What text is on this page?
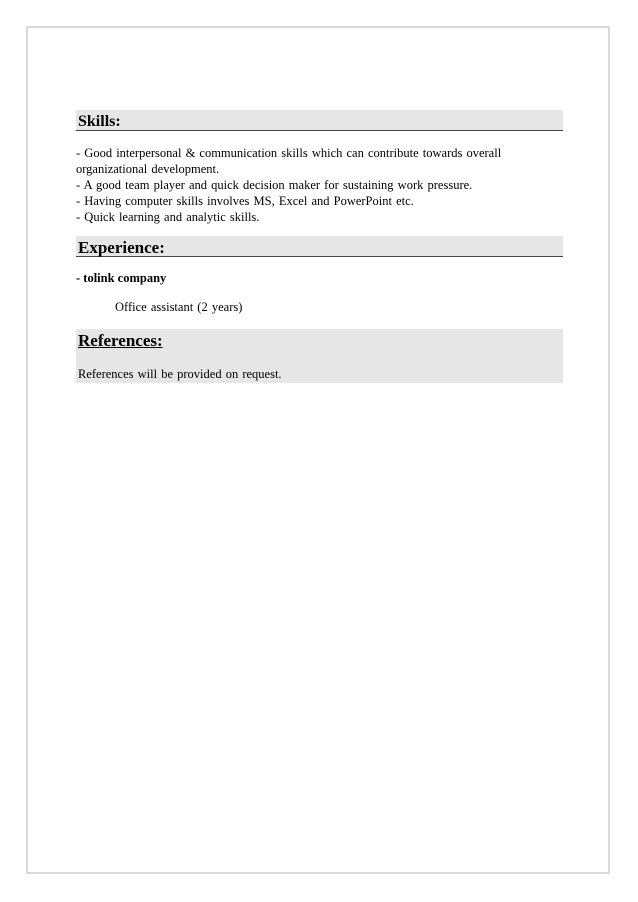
Skills:
- Good interpersonal & communication skills which can contribute towards overall
organizational development.
- A good team player and quick decision maker for sustaining work pressure.
- Having computer skills involves MS, Excel and PowerPoint etc.
- Quick learning and analytic skills.
Experience:
- tolink company
Office assistant (2 years)
References:
References will be provided on request.
